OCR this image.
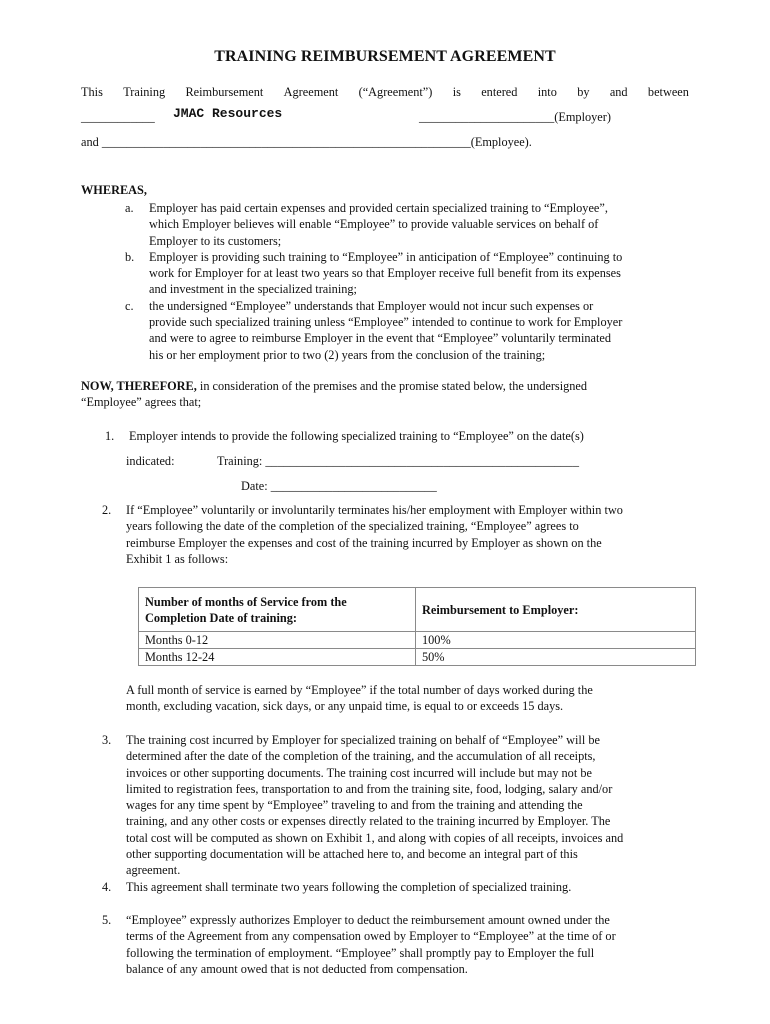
TRAINING REIMBURSEMENT AGREEMENT
This Training Reimbursement Agreement (“Agreement”) is entered into by and between
____________ JMAC Resources	______________________(Employer)
and ____________________________________________________________(Employee).
WHEREAS,
a. Employer has paid certain expenses and provided certain specialized training to “Employee”,
which Employer believes will enable “Employee” to provide valuable services on behalf of
Employer to its customers;
b. Employer is providing such training to “Employee” in anticipation of “Employee” continuing to
work for Employer for at least two years so that Employer receive full benefit from its expenses
and investment in the specialized training;
c. the undersigned “Employee” understands that Employer would not incur such expenses or
provide such specialized training unless “Employee” intended to continue to work for Employer
and were to agree to reimburse Employer in the event that “Employee” voluntarily terminated
his or her employment prior to two (2) years from the conclusion of the training;

NOW, THEREFORE, in consideration of the premises and the promise stated below, the undersigned

“Employee” agrees that;

1. Employer intends to provide the following specialized training to “Employee” on the date(s)
indicated:	Training: ___________________________________________________
Date: ___________________________
2. If “Employee” voluntarily or involuntarily terminates his/her employment with Employer within two
years following the date of the completion of the specialized training, “Employee” agrees to
reimburse Employer the expenses and cost of the training incurred by Employer as shown on the
Exhibit 1 as follows:
Number of months of Service from the Completion Date of training:	Reimbursement to Employer:
Months 0-12	100%
Months 12-24	50%

A full month of service is earned by “Employee” if the total number of days worked during the

month, excluding vacation, sick days, or any unpaid time, is equal to or exceeds 15 days.

3. The training cost incurred by Employer for specialized training on behalf of “Employee” will be
determined after the date of the completion of the training, and the accumulation of all receipts,
invoices or other supporting documents. The training cost incurred will include but may not be
limited to registration fees, transportation to and from the training site, food, lodging, salary and/or
wages for any time spent by “Employee” traveling to and from the training and attending the
training, and any other costs or expenses directly related to the training incurred by Employer. The
total cost will be computed as shown on Exhibit 1, and along with copies of all receipts, invoices and
other supporting documentation will be attached here to, and become an integral part of this
agreement.
4. This agreement shall terminate two years following the completion of specialized training.
5. “Employee” expressly authorizes Employer to deduct the reimbursement amount owned under the
terms of the Agreement from any compensation owed by Employer to “Employee” at the time of or
following the termination of employment. “Employee” shall promptly pay to Employer the full
balance of any amount owed that is not deducted from compensation.
